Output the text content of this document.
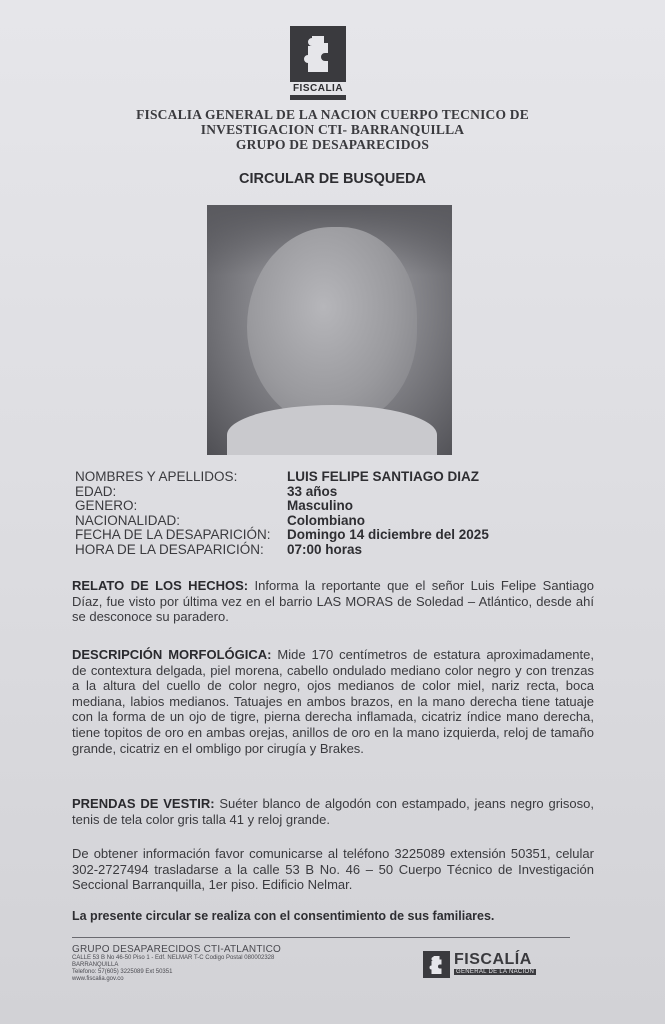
FISCALIA
FISCALIA GENERAL DE LA NACION CUERPO TECNICO DE
INVESTIGACION CTI- BARRANQUILLA
GRUPO DE DESAPARECIDOS
CIRCULAR DE BUSQUEDA
NOMBRES Y APELLIDOS:	LUIS FELIPE SANTIAGO DIAZ
EDAD:	33 años
GENERO:	Masculino
NACIONALIDAD:	Colombiano
FECHA DE LA DESAPARICIÓN:	Domingo 14 diciembre del 2025
HORA DE LA DESAPARICIÓN:	07:00 horas
RELATO DE LOS HECHOS: Informa la reportante que el señor Luis Felipe Santiago Díaz, fue visto por última vez en el barrio LAS MORAS de Soledad – Atlántico, desde ahí se desconoce su paradero.
DESCRIPCIÓN MORFOLÓGICA: Mide 170 centímetros de estatura aproximadamente, de contextura delgada, piel morena, cabello ondulado mediano color negro y con trenzas a la altura del cuello de color negro, ojos medianos de color miel, nariz recta, boca mediana, labios medianos. Tatuajes en ambos brazos, en la mano derecha tiene tatuaje con la forma de un ojo de tigre, pierna derecha inflamada, cicatriz índice mano derecha, tiene topitos de oro en ambas orejas, anillos de oro en la mano izquierda, reloj de tamaño grande, cicatriz en el ombligo por cirugía y Brakes.
PRENDAS DE VESTIR: Suéter blanco de algodón con estampado, jeans negro grisoso, tenis de tela color gris talla 41 y reloj grande.
De obtener información favor comunicarse al teléfono 3225089 extensión 50351, celular 302-2727494 trasladarse a la calle 53 B No. 46 – 50 Cuerpo Técnico de Investigación Seccional Barranquilla, 1er piso. Edificio Nelmar.
La presente circular se realiza con el consentimiento de sus familiares.
GRUPO DESAPARECIDOS CTI-ATLANTICO
CALLE 53 B No 46-50 Piso 1 - Edf. NELMAR T-C Codigo Postal 080002328
BARRANQUILLA
Telefono: 57(605) 3225089 Ext 50351
www.fiscalia.gov.co
FISCALÍA
GENERAL DE LA NACIÓN
